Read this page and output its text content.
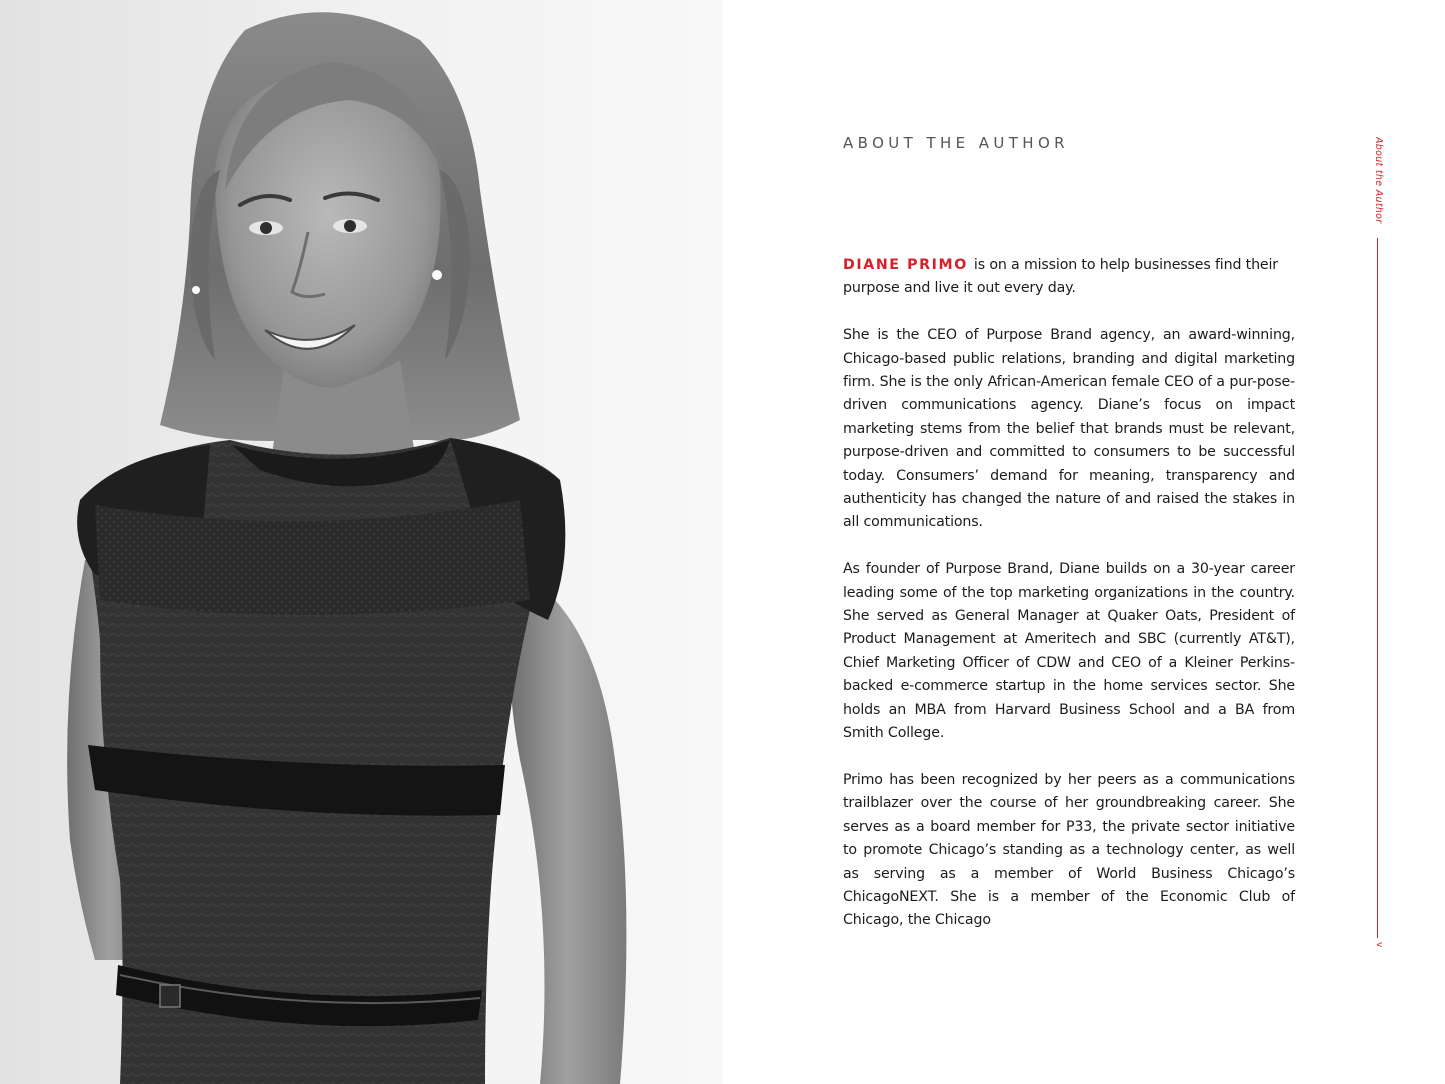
ABOUT THE AUTHOR

DIANE PRIMO is on a mission to help businesses find their purpose and live it out every day.

She is the CEO of Purpose Brand agency, an award-winning, Chicago-based public relations, branding and digital marketing firm. She is the only African-American female CEO of a pur-pose-driven communications agency. Diane’s focus on impact marketing stems from the belief that brands must be relevant, purpose-driven and committed to consumers to be successful today. Consumers’ demand for meaning, transparency and authenticity has changed the nature of and raised the stakes in all communications.

As founder of Purpose Brand, Diane builds on a 30-year career leading some of the top marketing organizations in the country. She served as General Manager at Quaker Oats, President of Product Management at Ameritech and SBC (currently AT&T), Chief Marketing Officer of CDW and CEO of a Kleiner Perkins-backed e-commerce startup in the home services sector. She holds an MBA from Harvard Business School and a BA from Smith College.

Primo has been recognized by her peers as a communications trailblazer over the course of her groundbreaking career. She serves as a board member for P33, the private sector initiative to promote Chicago’s standing as a technology center, as well as serving as a member of World Business Chicago’s ChicagoNEXT. She is a member of the Economic Club of Chicago, the Chicago

About the Author
v
